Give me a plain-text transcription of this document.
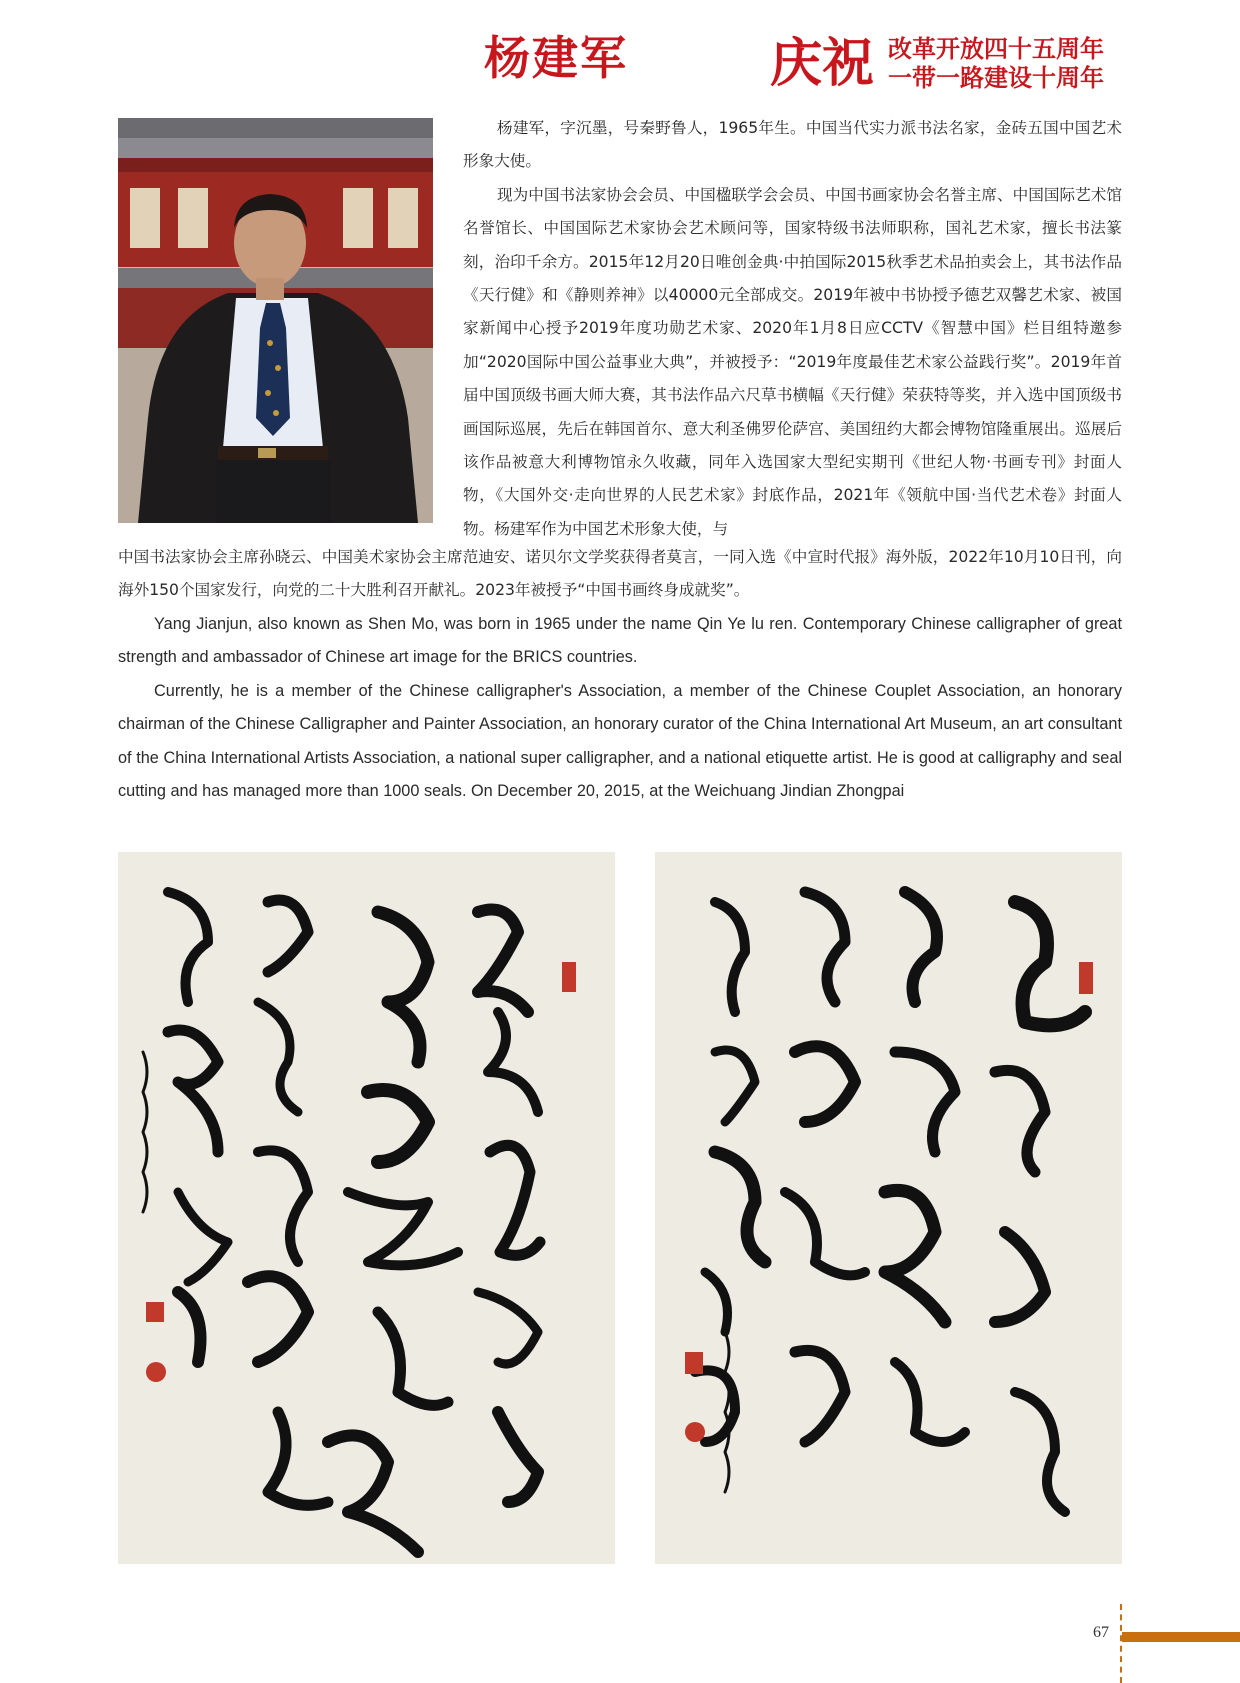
杨建军	庆祝 改革开放四十五周年
一带一路建设十周年

杨建军，字沉墨，号秦野鲁人，1965年生。中国当代实力派书法名家，金砖五国中国艺术形象大使。

现为中国书法家协会会员、中国楹联学会会员、中国书画家协会名誉主席、中国国际艺术馆名誉馆长、中国国际艺术家协会艺术顾问等，国家特级书法师职称，国礼艺术家，擅长书法篆刻，治印千余方。2015年12月20日唯创金典·中拍国际2015秋季艺术品拍卖会上，其书法作品《天行健》和《静则养神》以40000元全部成交。2019年被中书协授予德艺双馨艺术家、被国家新闻中心授予2019年度功勋艺术家、2020年1月8日应CCTV《智慧中国》栏目组特邀参加“2020国际中国公益事业大典”，并被授予：“2019年度最佳艺术家公益践行奖”。2019年首届中国顶级书画大师大赛，其书法作品六尺草书横幅《天行健》荣获特等奖，并入选中国顶级书画国际巡展，先后在韩国首尔、意大利圣佛罗伦萨宫、美国纽约大都会博物馆隆重展出。巡展后该作品被意大利博物馆永久收藏，同年入选国家大型纪实期刊《世纪人物·书画专刊》封面人物，《大国外交·走向世界的人民艺术家》封底作品，2021年《领航中国·当代艺术卷》封面人物。杨建军作为中国艺术形象大使，与

中国书法家协会主席孙晓云、中国美术家协会主席范迪安、诺贝尔文学奖获得者莫言，一同入选《中宣时代报》海外版，2022年10月10日刊，向海外150个国家发行，向党的二十大胜利召开献礼。2023年被授予“中国书画终身成就奖”。

Yang Jianjun, also known as Shen Mo, was born in 1965 under the name Qin Ye lu ren. Contemporary Chinese calligrapher of great strength and ambassador of Chinese art image for the BRICS countries.

Currently, he is a member of the Chinese calligrapher's Association, a member of the Chinese Couplet Association, an honorary chairman of the Chinese Calligrapher and Painter Association, an honorary curator of the China International Art Museum, an art consultant of the China International Artists Association, a national super calligrapher, and a national etiquette artist. He is good at calligraphy and seal cutting and has managed more than 1000 seals. On December 20, 2015, at the Weichuang Jindian Zhongpai

67
